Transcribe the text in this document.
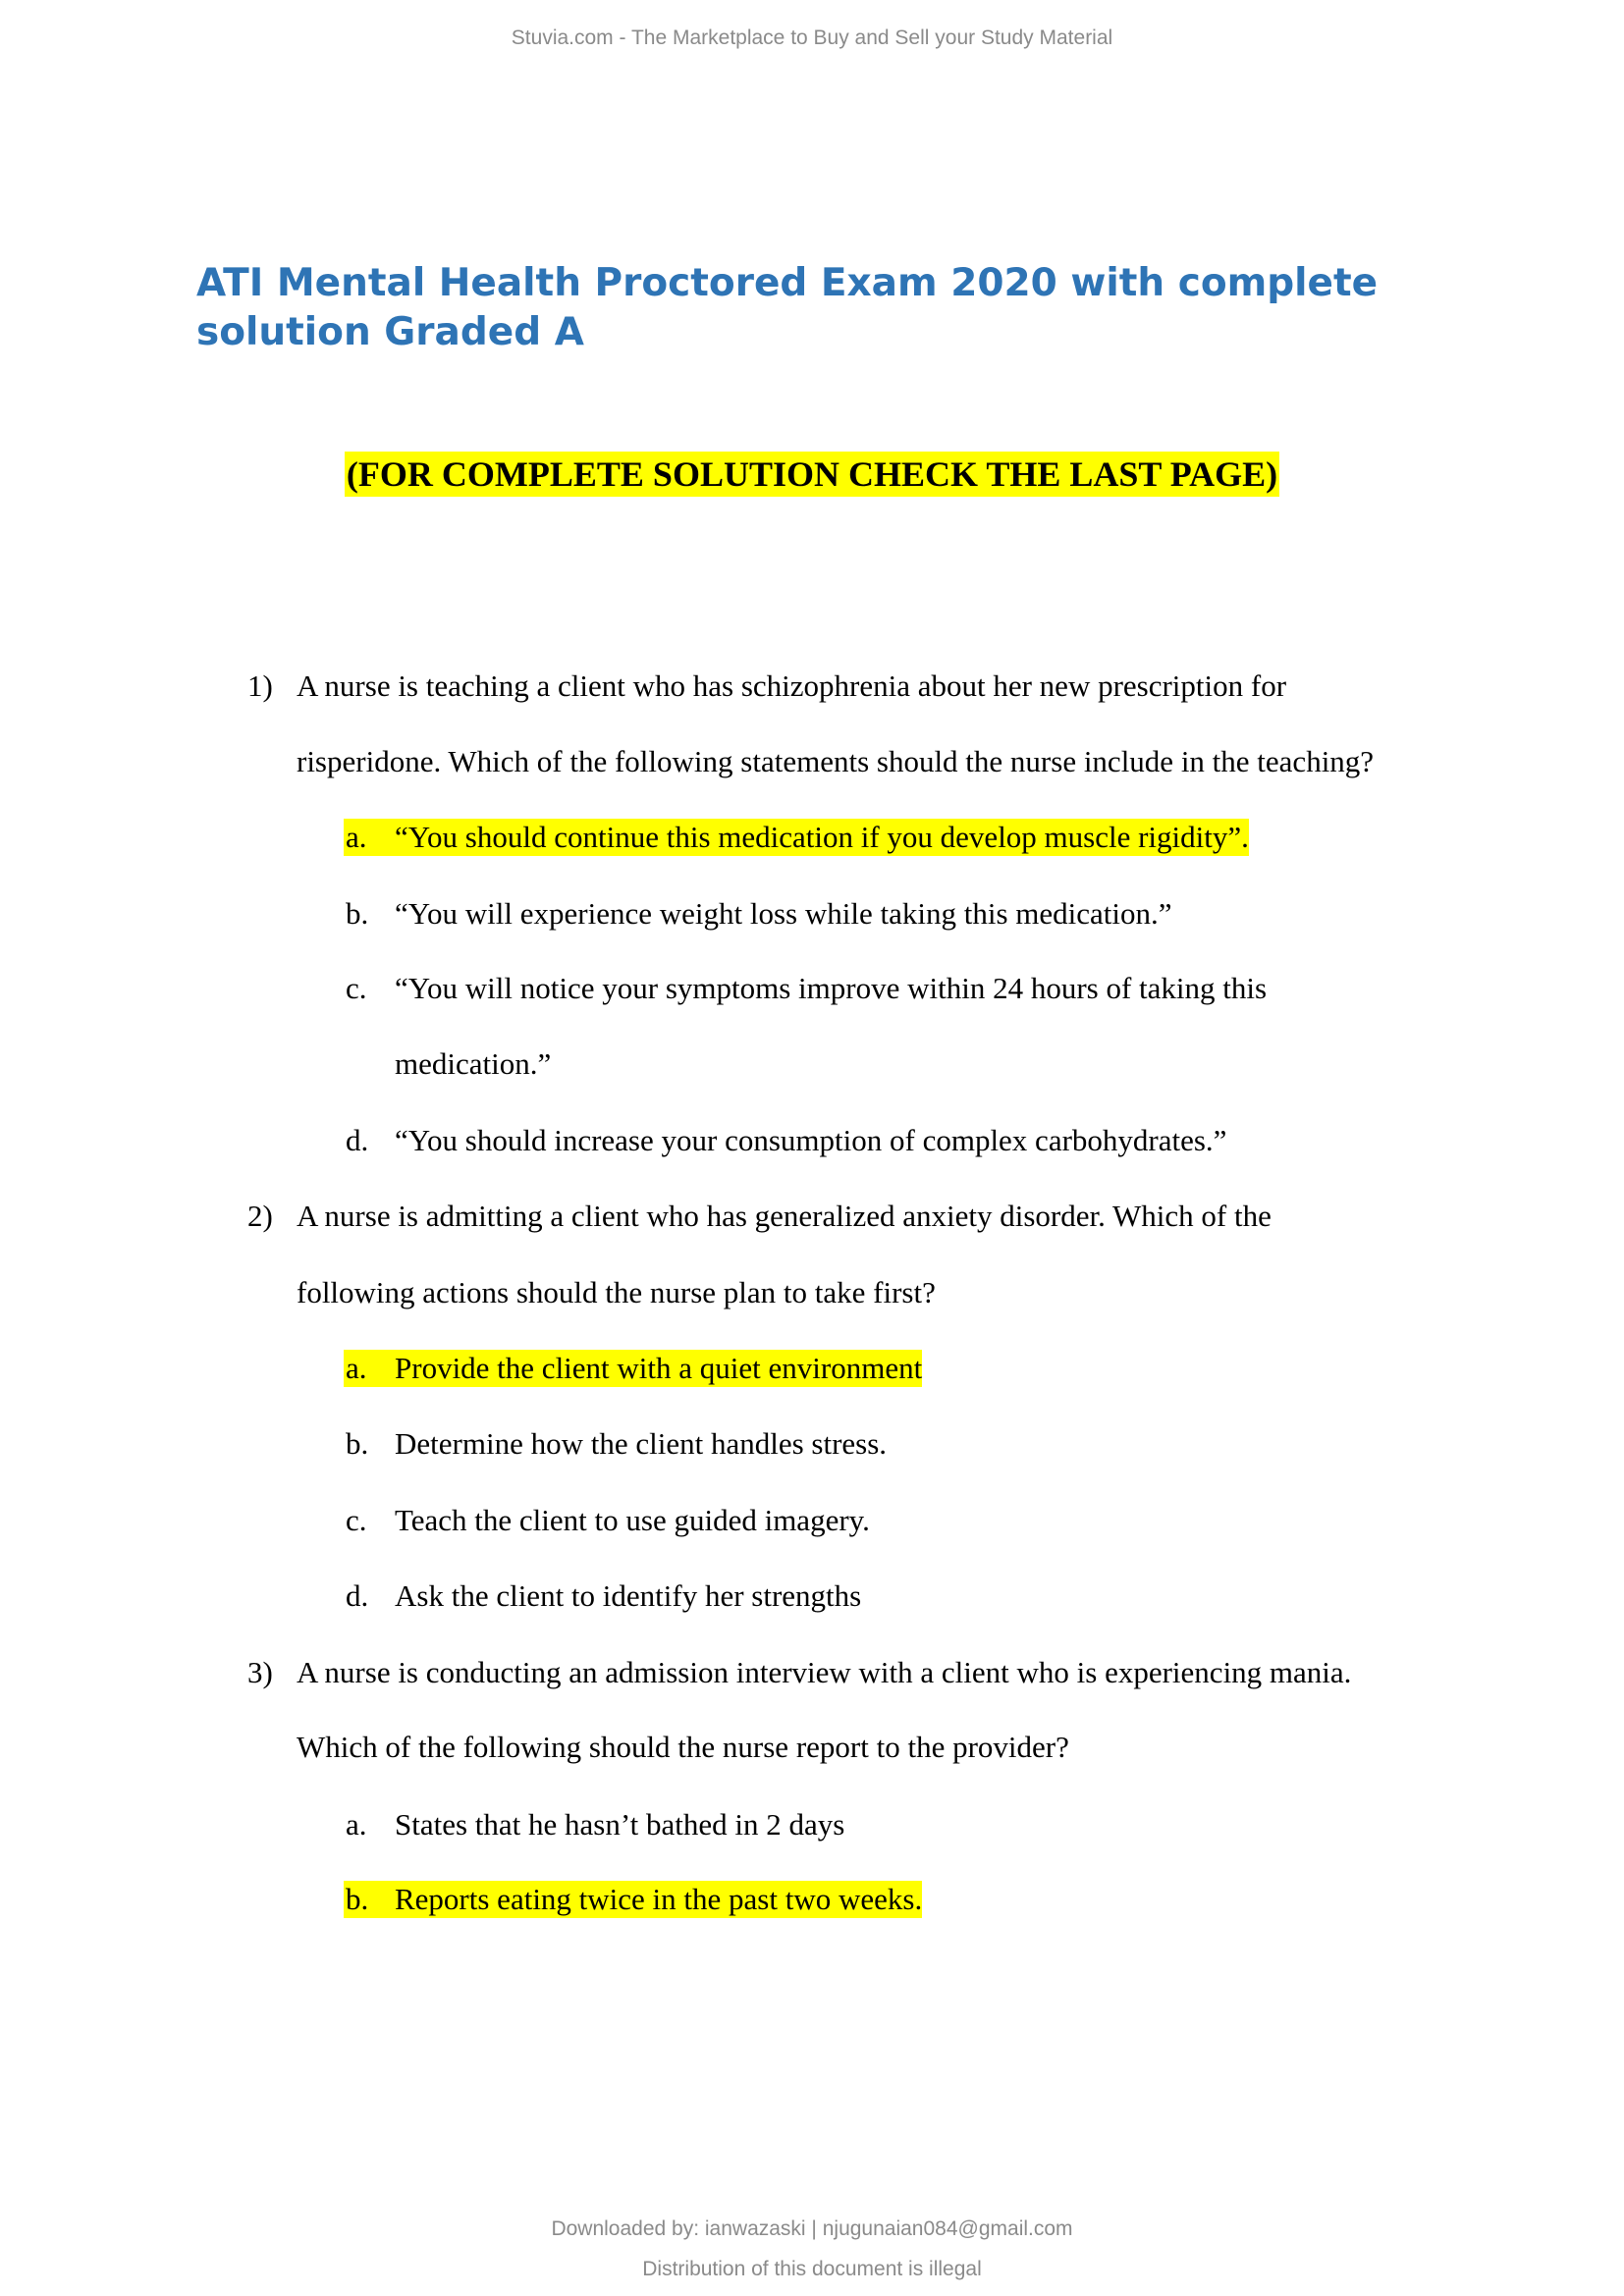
Stuvia.com - The Marketplace to Buy and Sell your Study Material
ATI Mental Health Proctored Exam 2020 with complete
solution Graded A
(FOR COMPLETE SOLUTION CHECK THE LAST PAGE)
1) A nurse is teaching a client who has schizophrenia about her new prescription for
risperidone. Which of the following statements should the nurse include in the teaching?
a. “You should continue this medication if you develop muscle rigidity”.
b. “You will experience weight loss while taking this medication.”
c. “You will notice your symptoms improve within 24 hours of taking this
medication.”
d. “You should increase your consumption of complex carbohydrates.”
2) A nurse is admitting a client who has generalized anxiety disorder. Which of the
following actions should the nurse plan to take first?
a. Provide the client with a quiet environment
b. Determine how the client handles stress.
c. Teach the client to use guided imagery.
d. Ask the client to identify her strengths
3) A nurse is conducting an admission interview with a client who is experiencing mania.
Which of the following should the nurse report to the provider?
a. States that he hasn’t bathed in 2 days
b. Reports eating twice in the past two weeks.
Downloaded by: ianwazaski | njugunaian084@gmail.com
Distribution of this document is illegal
